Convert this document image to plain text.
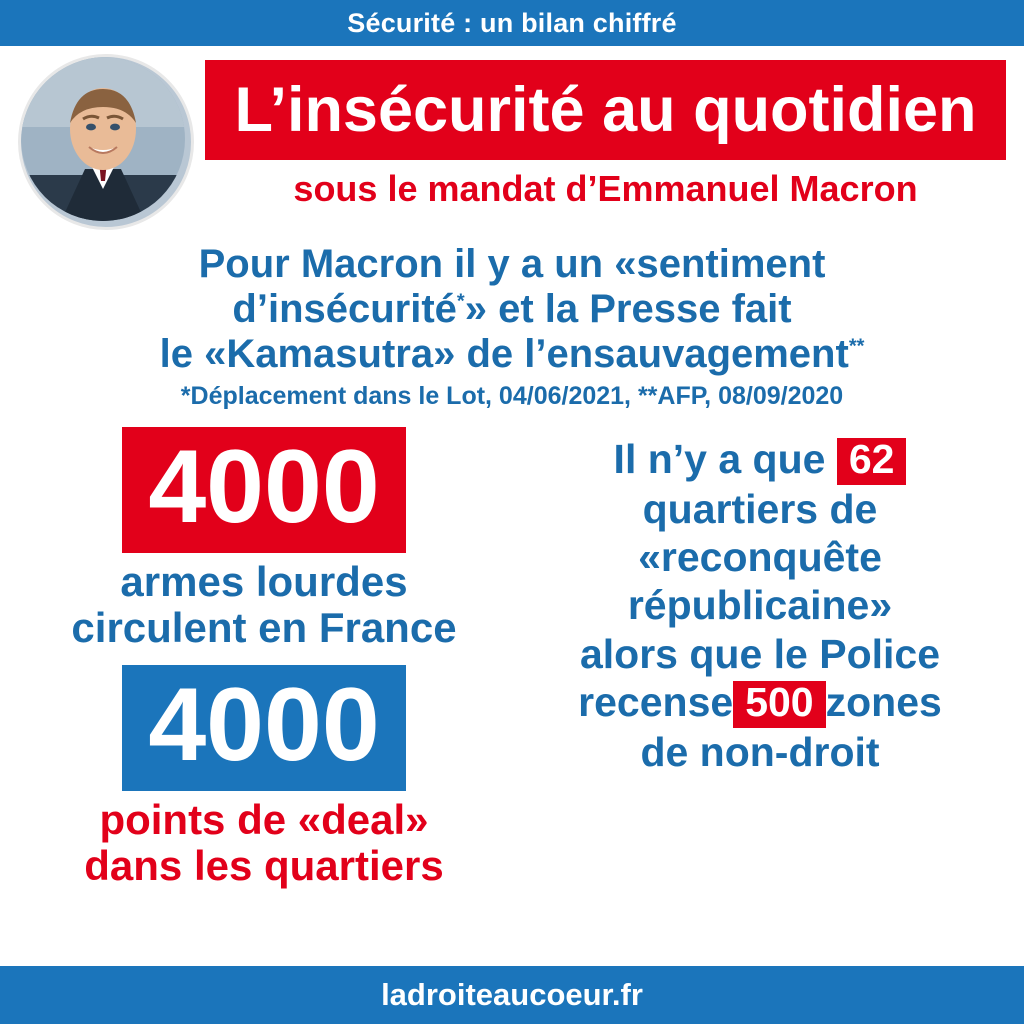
Sécurité : un bilan chiffré
L’insécurité au quotidien
sous le mandat d’Emmanuel Macron
Pour Macron il y a un «sentiment
d’insécurité*» et la Presse fait
le «Kamasutra» de l’ensauvagement**
*Déplacement dans le Lot, 04/06/2021, **AFP, 08/09/2020
4000
armes lourdes
circulent en France
4000
points de «deal»
dans les quartiers
Il n’y a que 62
quartiers de
«reconquête
républicaine»
alors que le Police
recense 500 zones
de non-droit
ladroiteaucoeur.fr
